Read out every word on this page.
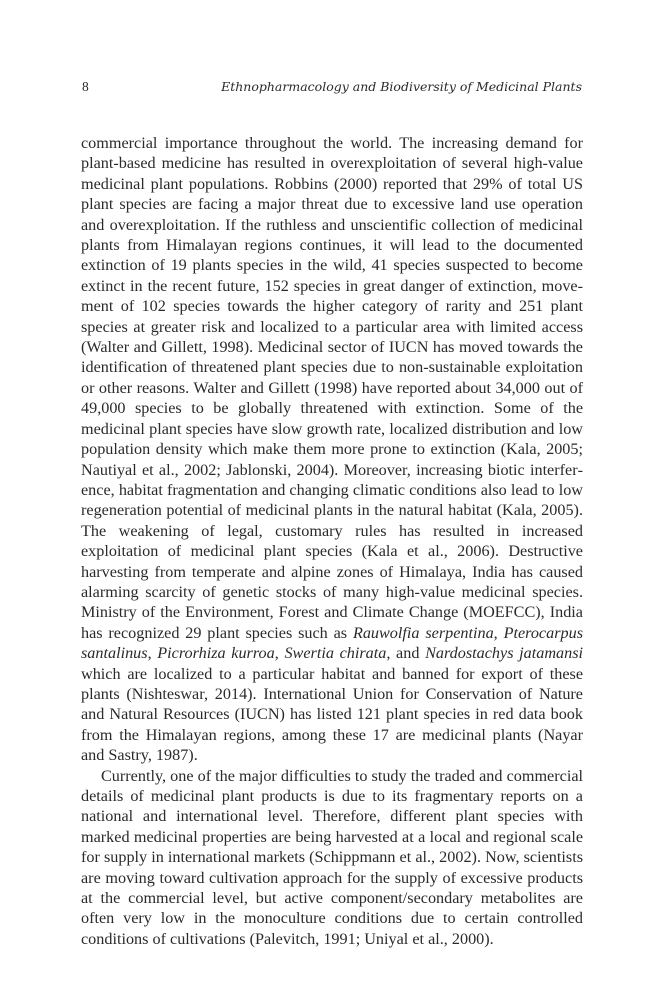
8	Ethnopharmacology and Biodiversity of Medicinal Plants

commercial importance throughout the world. The increasing demand for plant-based medicine has resulted in overexploitation of several high-value medicinal plant populations. Robbins (2000) reported that 29% of total US plant species are facing a major threat due to excessive land use operation and overexploitation. If the ruthless and unscientific collection of medicinal plants from Himalayan regions continues, it will lead to the documented extinction of 19 plants species in the wild, 41 species suspected to become extinct in the recent future, 152 species in great danger of extinction, movement of 102 species towards the higher category of rarity and 251 plant species at greater risk and localized to a particular area with limited access (Walter and Gillett, 1998). Medicinal sector of IUCN has moved towards the identification of threatened plant species due to non-sustainable exploitation or other reasons. Walter and Gillett (1998) have reported about 34,000 out of 49,000 species to be globally threatened with extinction. Some of the medicinal plant species have slow growth rate, localized distribution and low population density which make them more prone to extinction (Kala, 2005; Nautiyal et al., 2002; Jablonski, 2004). Moreover, increasing biotic interference, habitat fragmentation and changing climatic conditions also lead to low regeneration potential of medicinal plants in the natural habitat (Kala, 2005). The weakening of legal, customary rules has resulted in increased exploitation of medicinal plant species (Kala et al., 2006). Destructive harvesting from temperate and alpine zones of Himalaya, India has caused alarming scarcity of genetic stocks of many high-value medicinal species. Ministry of the Environment, Forest and Climate Change (MOEFCC), India has recognized 29 plant species such as Rauwolfia serpentina, Pterocarpus santalinus, Picrorhiza kurroa, Swertia chirata, and Nardostachys jatamansi which are localized to a particular habitat and banned for export of these plants (Nishteswar, 2014). International Union for Conservation of Nature and Natural Resources (IUCN) has listed 121 plant species in red data book from the Himalayan regions, among these 17 are medicinal plants (Nayar and Sastry, 1987).

Currently, one of the major difficulties to study the traded and commercial details of medicinal plant products is due to its fragmentary reports on a national and international level. Therefore, different plant species with marked medicinal properties are being harvested at a local and regional scale for supply in international markets (Schippmann et al., 2002). Now, scientists are moving toward cultivation approach for the supply of excessive products at the commercial level, but active component/secondary metabolites are often very low in the monoculture conditions due to certain controlled conditions of cultivations (Palevitch, 1991; Uniyal et al., 2000).
